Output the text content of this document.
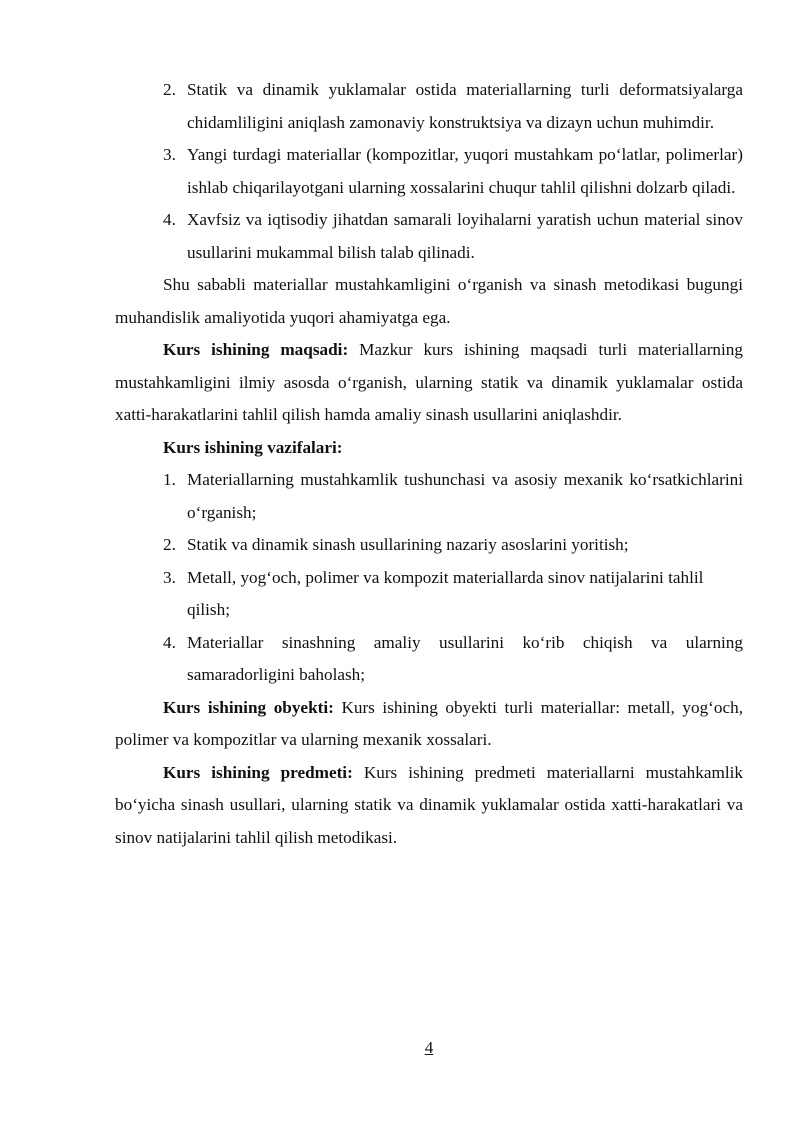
2. Statik va dinamik yuklamalar ostida materiallarning turli deformatsiyalarga chidamliligini aniqlash zamonaviy konstruktsiya va dizayn uchun muhimdir.
3. Yangi turdagi materiallar (kompozitlar, yuqori mustahkam po‘latlar, polimerlar) ishlab chiqarilayotgani ularning xossalarini chuqur tahlil qilishni dolzarb qiladi.
4. Xavfsiz va iqtisodiy jihatdan samarali loyihalarni yaratish uchun material sinov usullarini mukammal bilish talab qilinadi.

Shu sababli materiallar mustahkamligini o‘rganish va sinash metodikasi bugungi muhandislik amaliyotida yuqori ahamiyatga ega.

Kurs ishining maqsadi: Mazkur kurs ishining maqsadi turli materiallarning mustahkamligini ilmiy asosda o‘rganish, ularning statik va dinamik yuklamalar ostida xatti-harakatlarini tahlil qilish hamda amaliy sinash usullarini aniqlashdir.

Kurs ishining vazifalari:

1. Materiallarning mustahkamlik tushunchasi va asosiy mexanik ko‘rsatkichlarini o‘rganish;
2. Statik va dinamik sinash usullarining nazariy asoslarini yoritish;
3. Metall, yog‘och, polimer va kompozit materiallarda sinov natijalarini tahlil qilish;
4. Materiallar sinashning amaliy usullarini ko‘rib chiqish va ularning samaradorligini baholash;

Kurs ishining obyekti: Kurs ishining obyekti turli materiallar: metall, yog‘och, polimer va kompozitlar va ularning mexanik xossalari.

Kurs ishining predmeti: Kurs ishining predmeti materiallarni mustahkamlik bo‘yicha sinash usullari, ularning statik va dinamik yuklamalar ostida xatti-harakatlari va sinov natijalarini tahlil qilish metodikasi.

4
